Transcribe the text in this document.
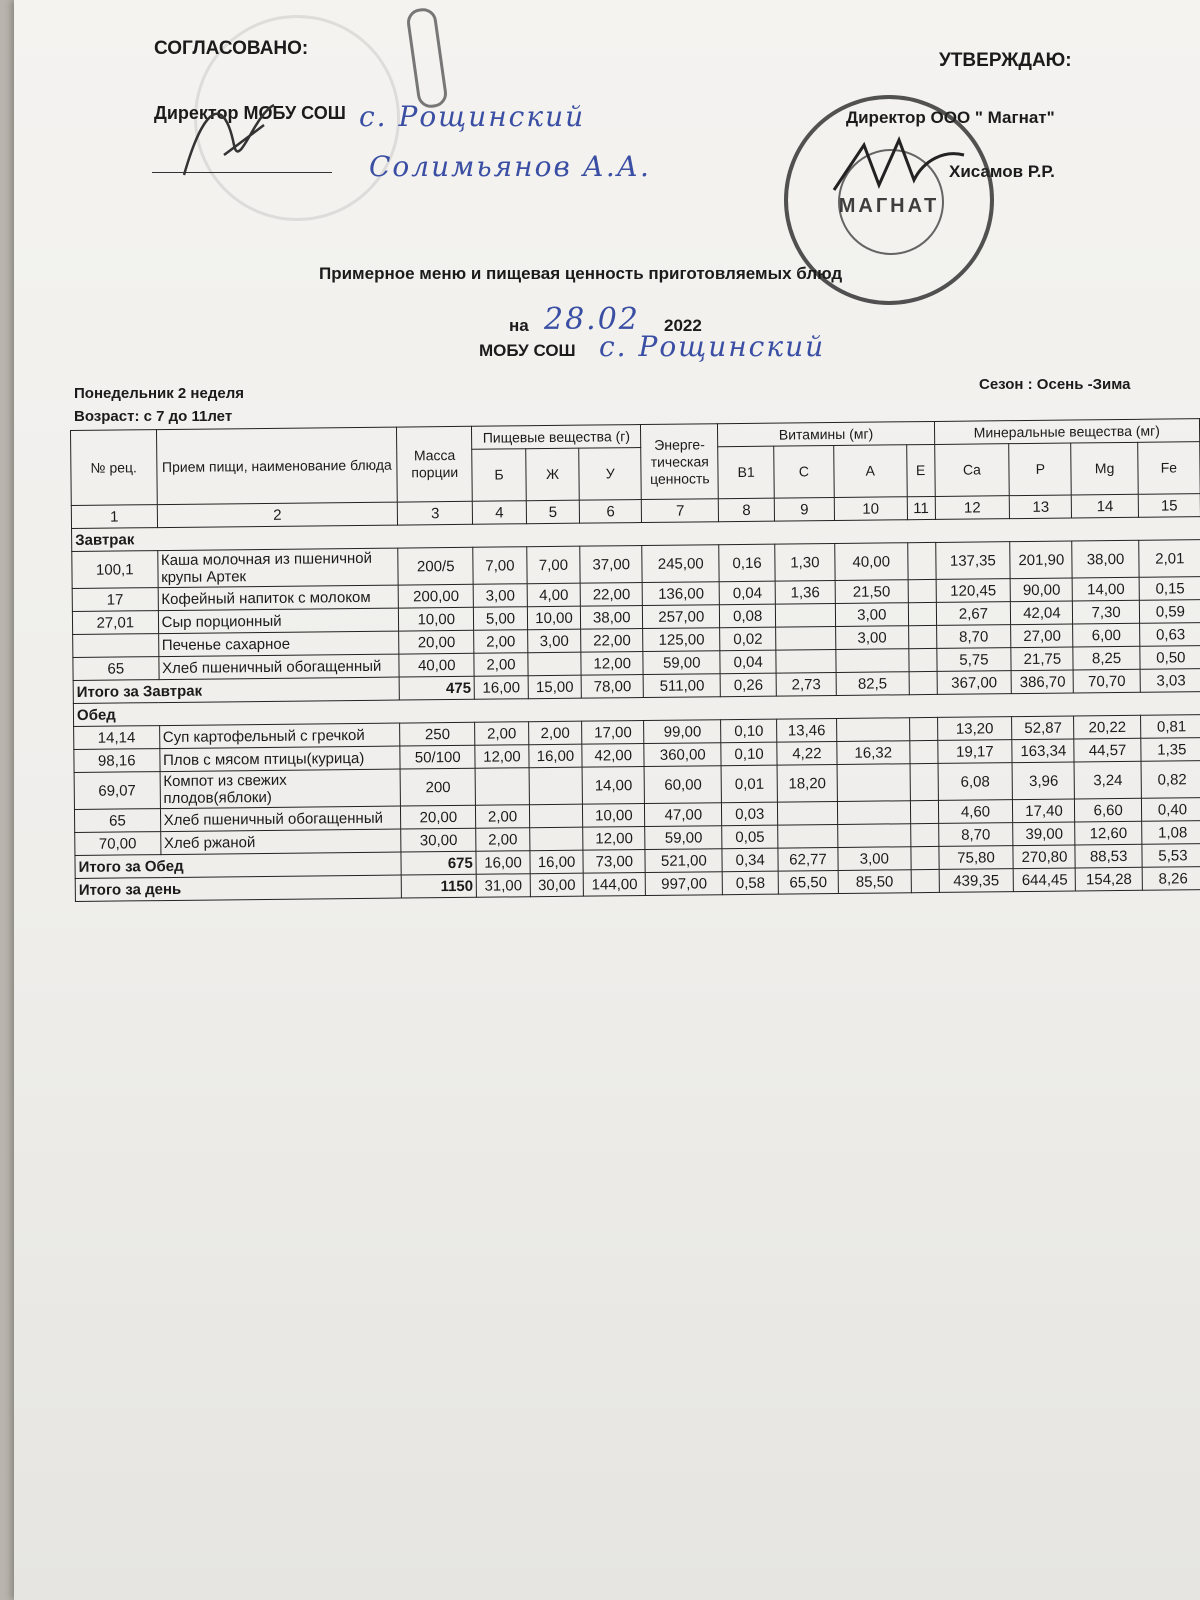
СОГЛАСОВАНО:
Директор МОБУ СОШ с. Рощинский
Солимьянов А.А.
УТВЕРЖДАЮ:
Директор ООО " Магнат"
Хисамов Р.Р.
МАГНАТ
Примерное меню и пищевая ценность приготовляемых блюд
на 28.02 2022
МОБУ СОШ с. Рощинский
Понедельник 2 неделя
Возраст: с 7 до 11лет
Сезон : Осень -Зима
№ рец.	Прием пищи, наименование блюда	Масса порции	Пищевые вещества (г)			Энерге-тическая ценность	Витамины (мг)				Минеральные вещества (мг)			
			Б	Ж	У		В1	С	А	Е	Ca	P	Mg	Fe
1	2	3	4	5	6	7	8	9	10	11	12	13	14	15
Завтрак														
100,1	Каша молочная из пшеничной крупы Артек	200/5	7,00	7,00	37,00	245,00	0,16	1,30	40,00		137,35	201,90	38,00	2,01
17	Кофейный напиток с молоком	200,00	3,00	4,00	22,00	136,00	0,04	1,36	21,50		120,45	90,00	14,00	0,15
27,01	Сыр порционный	10,00	5,00	10,00	38,00	257,00	0,08		3,00		2,67	42,04	7,30	0,59
	Печенье сахарное	20,00	2,00	3,00	22,00	125,00	0,02		3,00		8,70	27,00	6,00	0,63
65	Хлеб пшеничный обогащенный	40,00	2,00		12,00	59,00	0,04				5,75	21,75	8,25	0,50
Итого за Завтрак		475	16,00	15,00	78,00	511,00	0,26	2,73	82,5		367,00	386,70	70,70	3,03
Обед														
14,14	Суп картофельный с гречкой	250	2,00	2,00	17,00	99,00	0,10	13,46			13,20	52,87	20,22	0,81
98,16	Плов с мясом птицы(курица)	50/100	12,00	16,00	42,00	360,00	0,10	4,22	16,32		19,17	163,34	44,57	1,35
69,07	Компот из свежих плодов(яблоки)	200			14,00	60,00	0,01	18,20			6,08	3,96	3,24	0,82
65	Хлеб пшеничный обогащенный	20,00	2,00		10,00	47,00	0,03				4,60	17,40	6,60	0,40
70,00	Хлеб ржаной	30,00	2,00		12,00	59,00	0,05				8,70	39,00	12,60	1,08
Итого за Обед		675	16,00	16,00	73,00	521,00	0,34	62,77	3,00		75,80	270,80	88,53	5,53
Итого за день		1150	31,00	30,00	144,00	997,00	0,58	65,50	85,50		439,35	644,45	154,28	8,26
